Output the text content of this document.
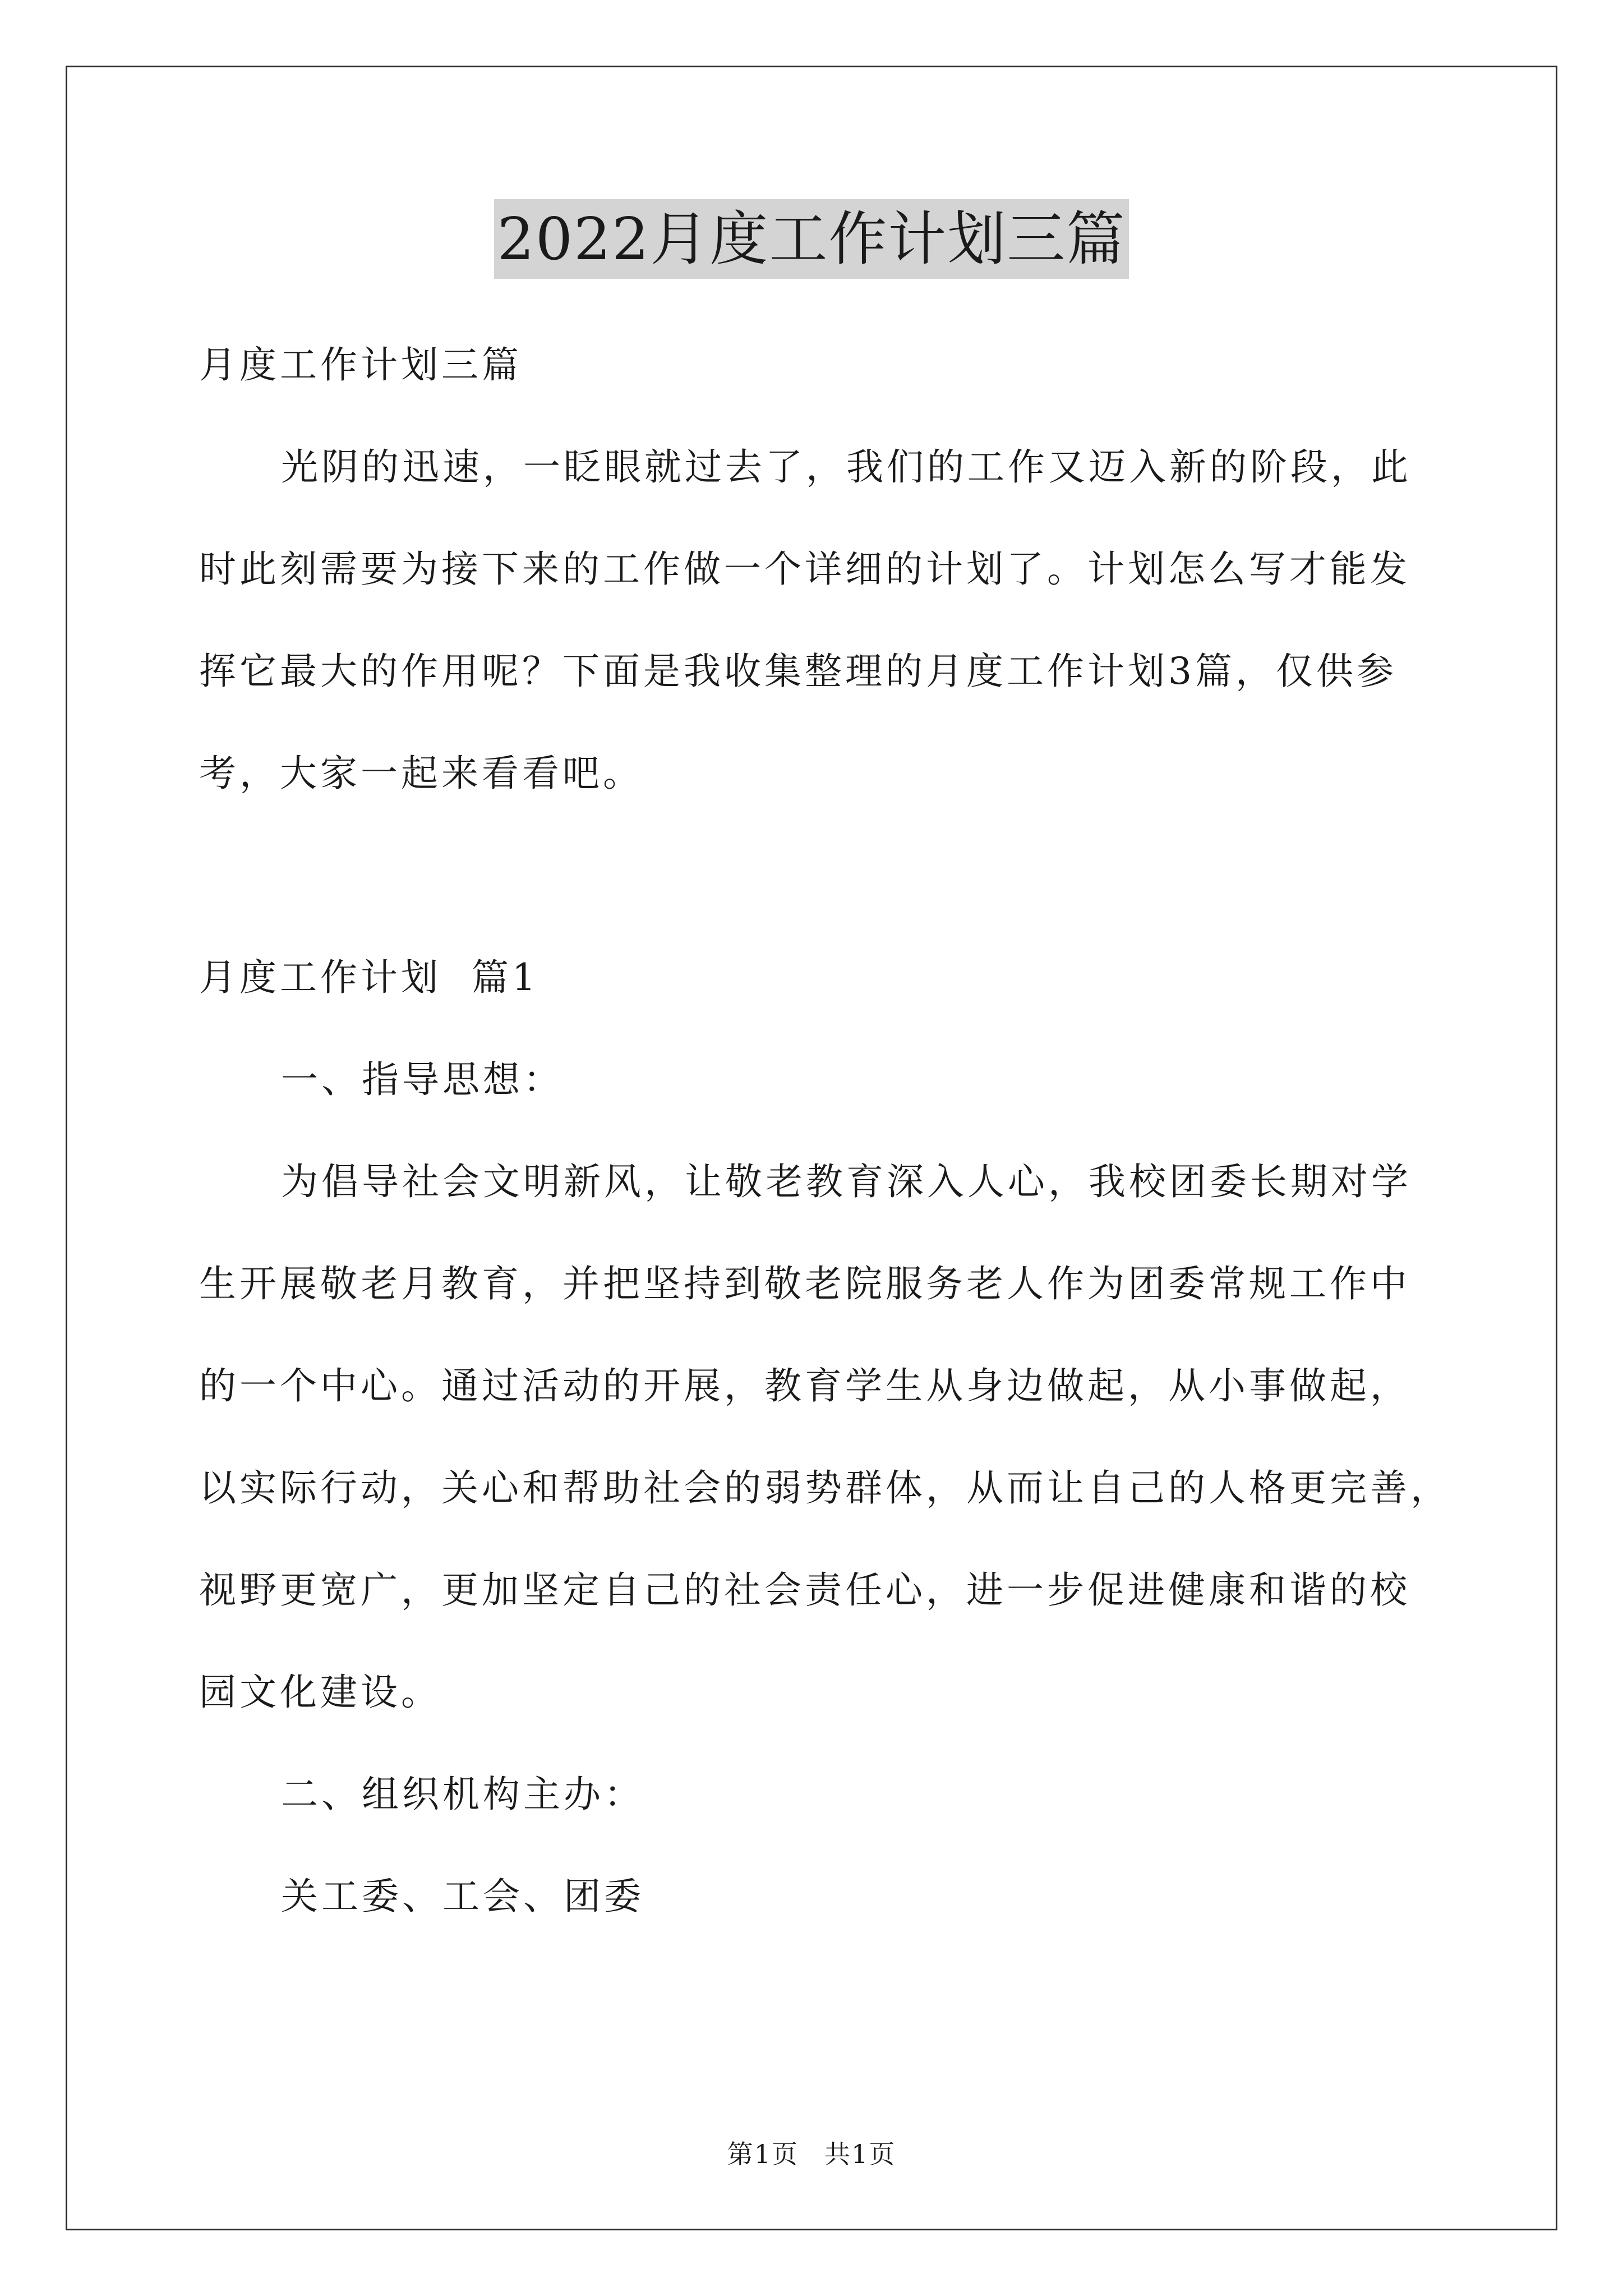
2022月度工作计划三篇
月度工作计划三篇
光阴的迅速，一眨眼就过去了，我们的工作又迈入新的阶段，此
时此刻需要为接下来的工作做一个详细的计划了。计划怎么写才能发
挥它最大的作用呢？下面是我收集整理的月度工作计划3篇，仅供参
考，大家一起来看看吧。
月度工作计划  篇1
一、指导思想：
为倡导社会文明新风，让敬老教育深入人心，我校团委长期对学
生开展敬老月教育，并把坚持到敬老院服务老人作为团委常规工作中
的一个中心。通过活动的开展，教育学生从身边做起，从小事做起，
以实际行动，关心和帮助社会的弱势群体，从而让自己的人格更完善，
视野更宽广，更加坚定自己的社会责任心，进一步促进健康和谐的校
园文化建设。
二、组织机构主办：
关工委、工会、团委
第1页 共1页
